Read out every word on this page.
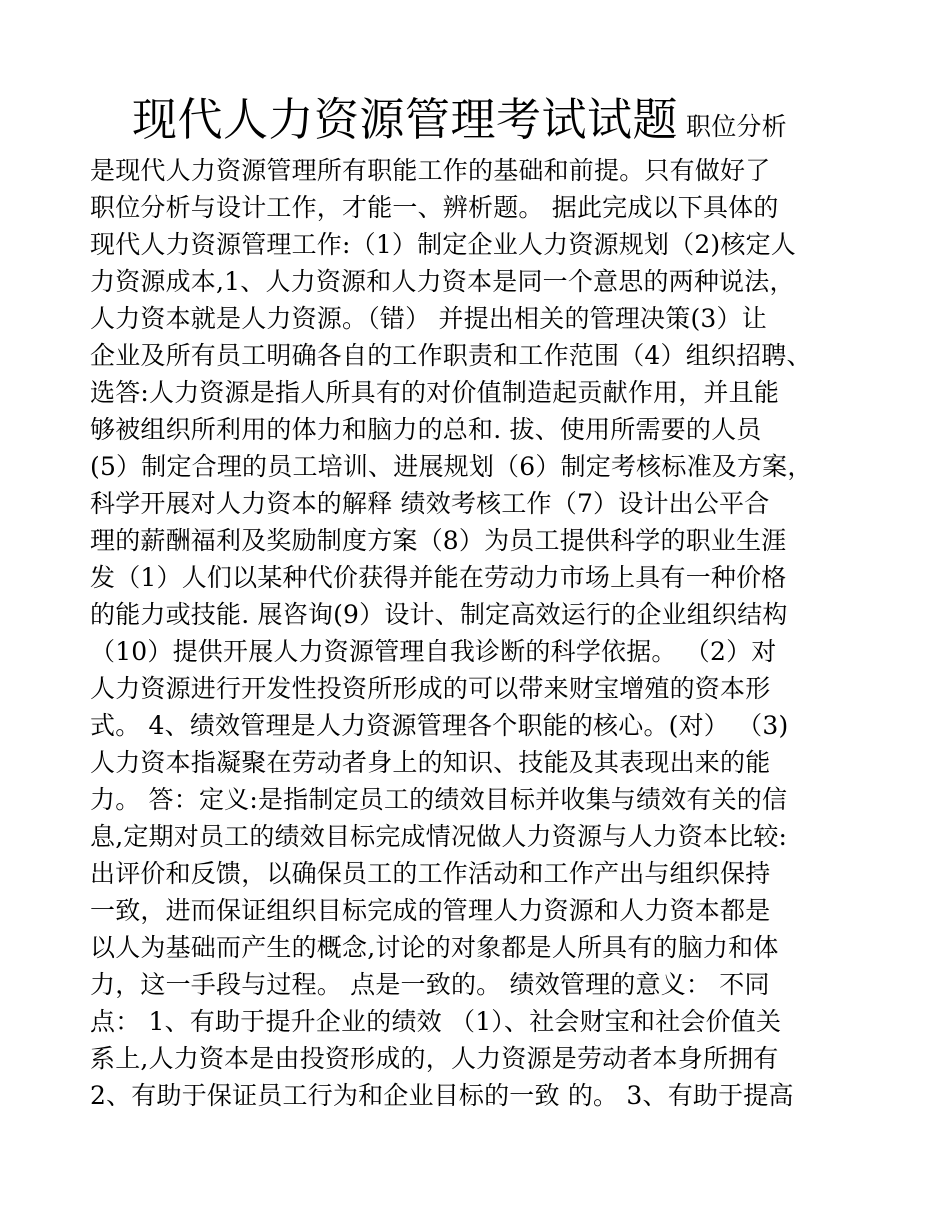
现代人力资源管理考试试题 职位分析
是现代人力资源管理所有职能工作的基础和前提。只有做好了
职位分析与设计工作，才能一、辨析题。 据此完成以下具体的
现代人力资源管理工作:（1）制定企业人力资源规划（2)核定人
力资源成本,1、人力资源和人力资本是同一个意思的两种说法，
人力资本就是人力资源。（错） 并提出相关的管理决策(3）让
企业及所有员工明确各自的工作职责和工作范围（4）组织招聘、
选答:人力资源是指人所具有的对价值制造起贡献作用，并且能
够被组织所利用的体力和脑力的总和. 拔、使用所需要的人员
(5）制定合理的员工培训、进展规划（6）制定考核标准及方案，
科学开展对人力资本的解释 绩效考核工作（7）设计出公平合
理的薪酬福利及奖励制度方案（8）为员工提供科学的职业生涯
发（1）人们以某种代价获得并能在劳动力市场上具有一种价格
的能力或技能. 展咨询(9）设计、制定高效运行的企业组织结构
（10）提供开展人力资源管理自我诊断的科学依据。 （2）对
人力资源进行开发性投资所形成的可以带来财宝增殖的资本形
式。 4、绩效管理是人力资源管理各个职能的核心。(对） （3)
人力资本指凝聚在劳动者身上的知识、技能及其表现出来的能
力。 答：定义:是指制定员工的绩效目标并收集与绩效有关的信
息,定期对员工的绩效目标完成情况做人力资源与人力资本比较:
出评价和反馈，以确保员工的工作活动和工作产出与组织保持
一致，进而保证组织目标完成的管理人力资源和人力资本都是
以人为基础而产生的概念,讨论的对象都是人所具有的脑力和体
力，这一手段与过程。 点是一致的。 绩效管理的意义： 不同
点： 1、有助于提升企业的绩效 （1）、社会财宝和社会价值关
系上,人力资本是由投资形成的，人力资源是劳动者本身所拥有
2、有助于保证员工行为和企业目标的一致 的。 3、有助于提高
